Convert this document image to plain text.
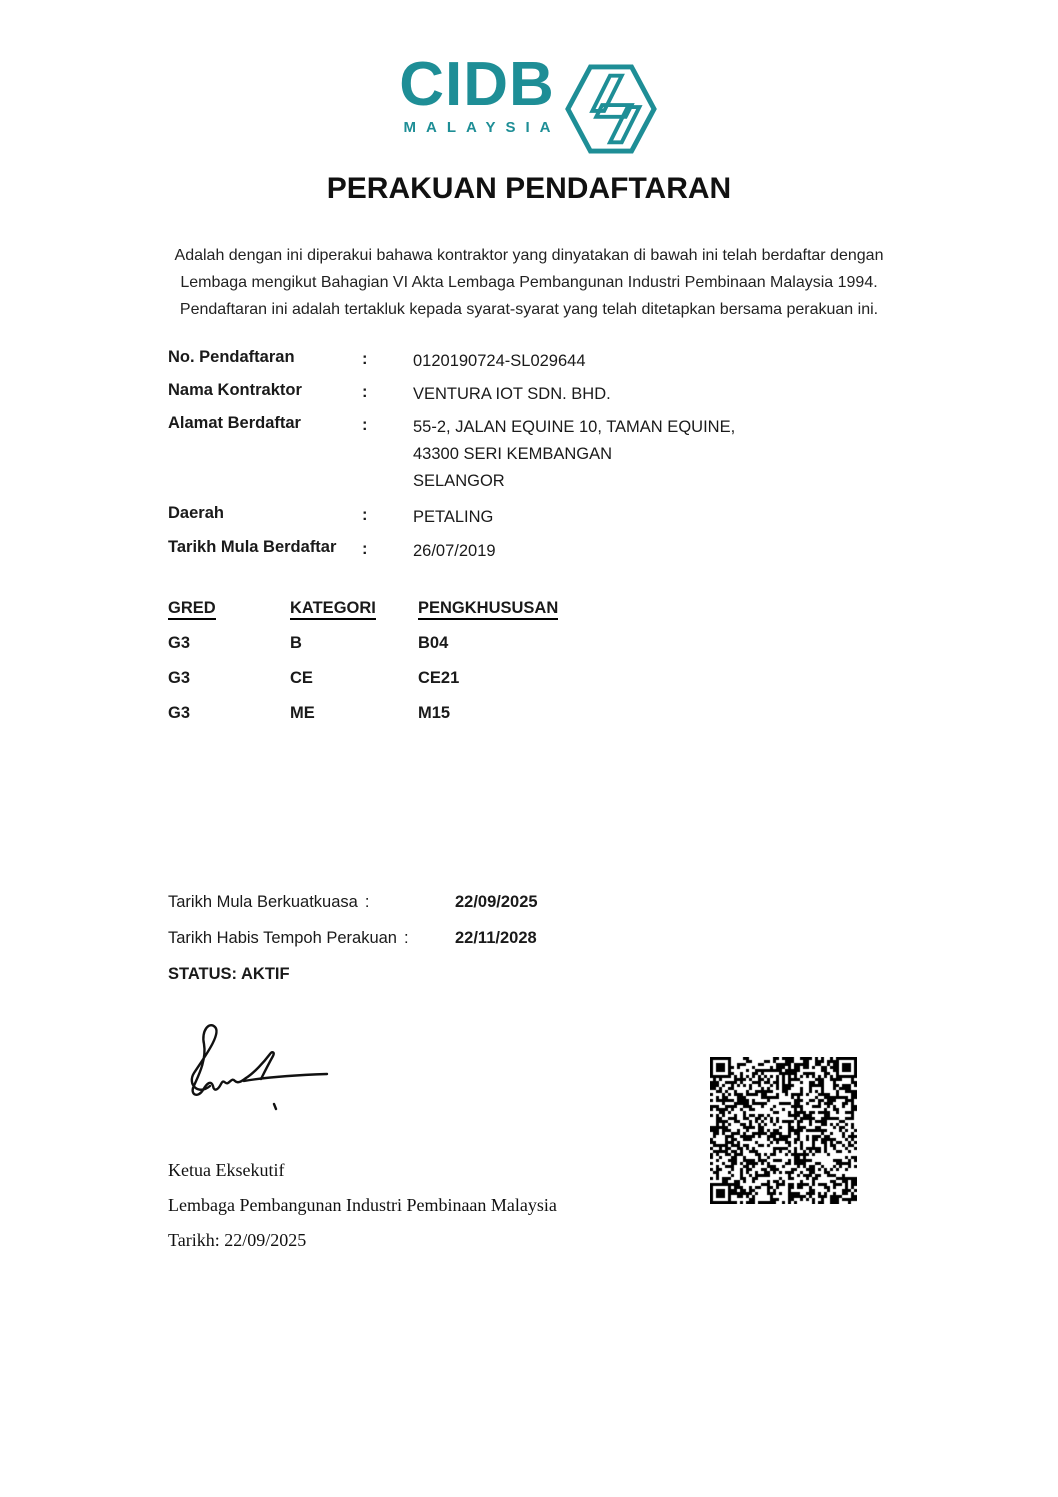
CIDB
MALAYSIA
PERAKUAN PENDAFTARAN
Adalah dengan ini diperakui bahawa kontraktor yang dinyatakan di bawah ini telah berdaftar dengan
Lembaga mengikut Bahagian VI Akta Lembaga Pembangunan Industri Pembinaan Malaysia 1994.
Pendaftaran ini adalah tertakluk kepada syarat-syarat yang telah ditetapkan bersama perakuan ini.
No. Pendaftaran	:	0120190724-SL029644
Nama Kontraktor	:	VENTURA IOT SDN. BHD.
Alamat Berdaftar	:	55-2, JALAN EQUINE 10, TAMAN EQUINE,
43300 SERI KEMBANGAN
SELANGOR
Daerah	:	PETALING
Tarikh Mula Berdaftar :	26/07/2019
GRED	KATEGORI	PENGKHUSUSAN
G3	B	B04
G3	CE	CE21
G3	ME	M15
Tarikh Mula Berkuatkuasa :	22/09/2025
Tarikh Habis Tempoh Perakuan :	22/11/2028
STATUS: AKTIF
Ketua Eksekutif
Lembaga Pembangunan Industri Pembinaan Malaysia
Tarikh: 22/09/2025
